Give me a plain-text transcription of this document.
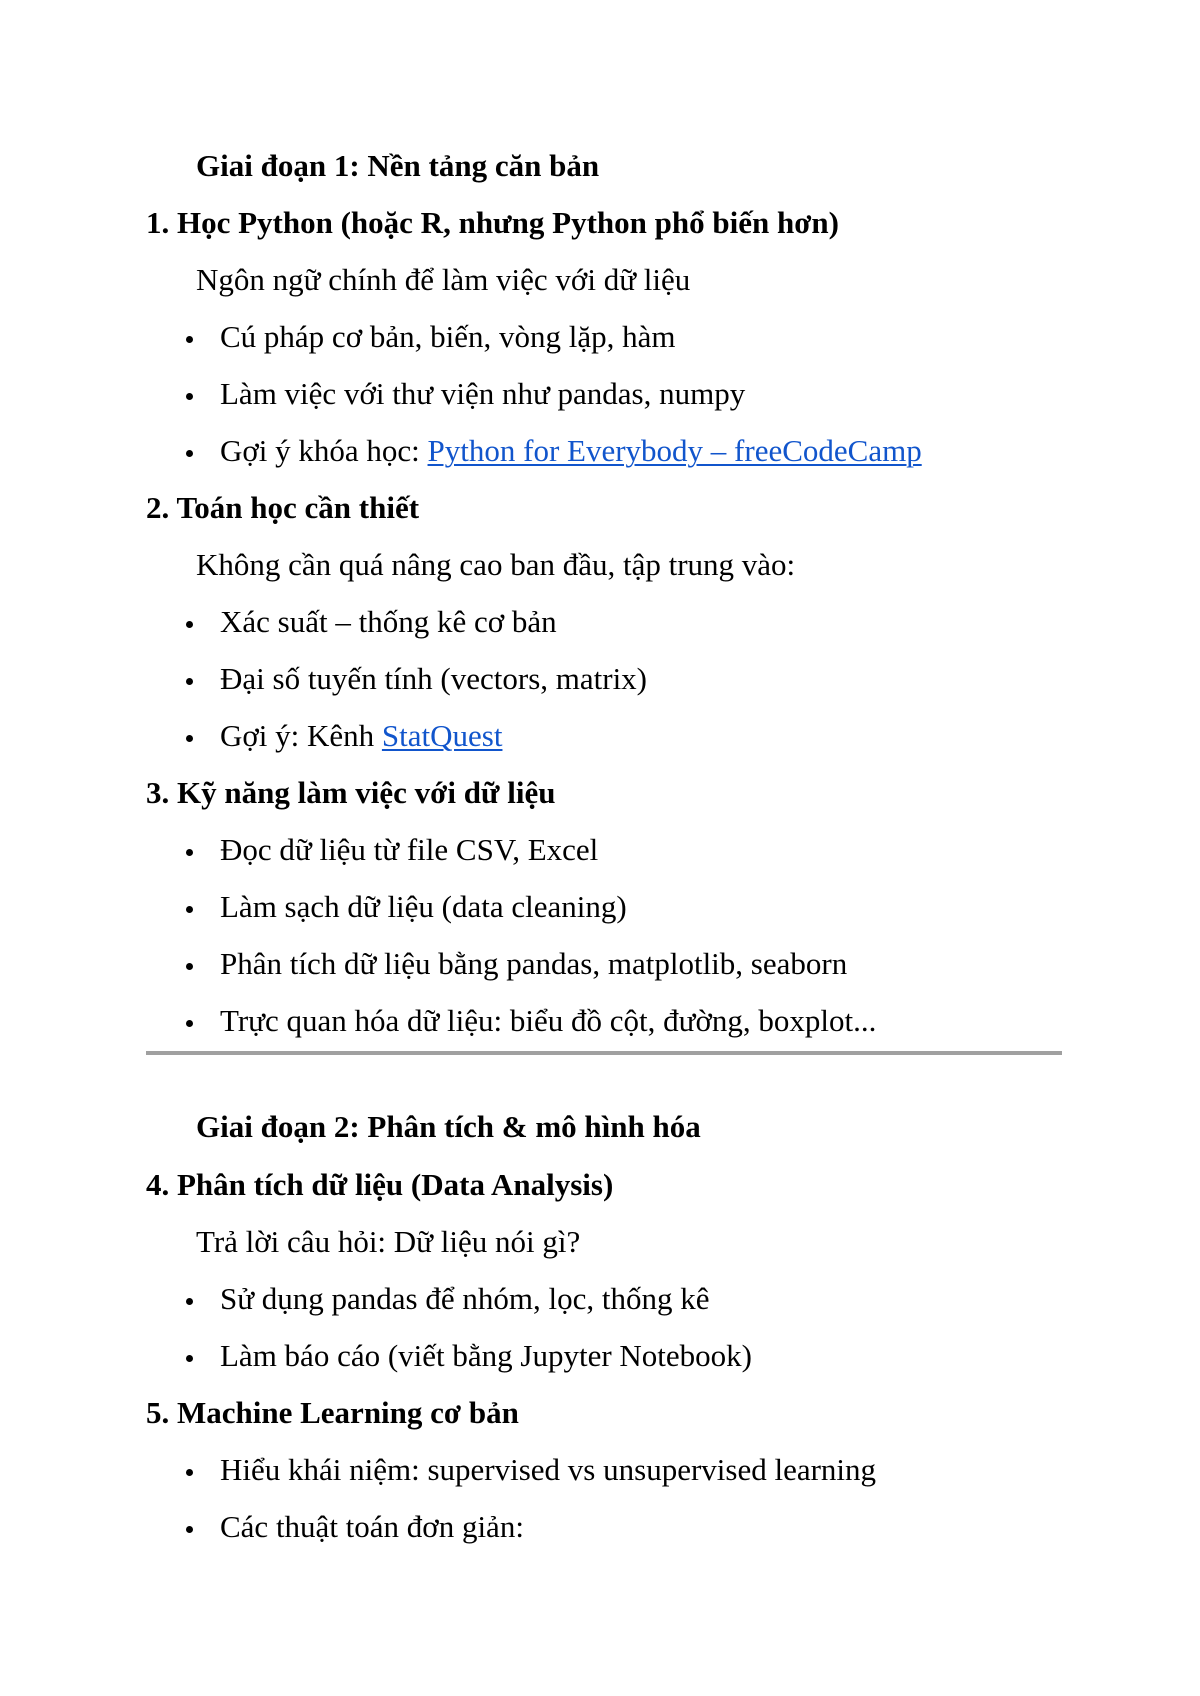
Giai đoạn 1: Nền tảng căn bản
1. Học Python (hoặc R, nhưng Python phổ biến hơn)
Ngôn ngữ chính để làm việc với dữ liệu
Cú pháp cơ bản, biến, vòng lặp, hàm
Làm việc với thư viện như pandas, numpy
Gợi ý khóa học: Python for Everybody – freeCodeCamp
2. Toán học cần thiết
Không cần quá nâng cao ban đầu, tập trung vào:
Xác suất – thống kê cơ bản
Đại số tuyến tính (vectors, matrix)
Gợi ý: Kênh StatQuest
3. Kỹ năng làm việc với dữ liệu
Đọc dữ liệu từ file CSV, Excel
Làm sạch dữ liệu (data cleaning)
Phân tích dữ liệu bằng pandas, matplotlib, seaborn
Trực quan hóa dữ liệu: biểu đồ cột, đường, boxplot...
Giai đoạn 2: Phân tích & mô hình hóa
4. Phân tích dữ liệu (Data Analysis)
Trả lời câu hỏi: Dữ liệu nói gì?
Sử dụng pandas để nhóm, lọc, thống kê
Làm báo cáo (viết bằng Jupyter Notebook)
5. Machine Learning cơ bản
Hiểu khái niệm: supervised vs unsupervised learning
Các thuật toán đơn giản:
